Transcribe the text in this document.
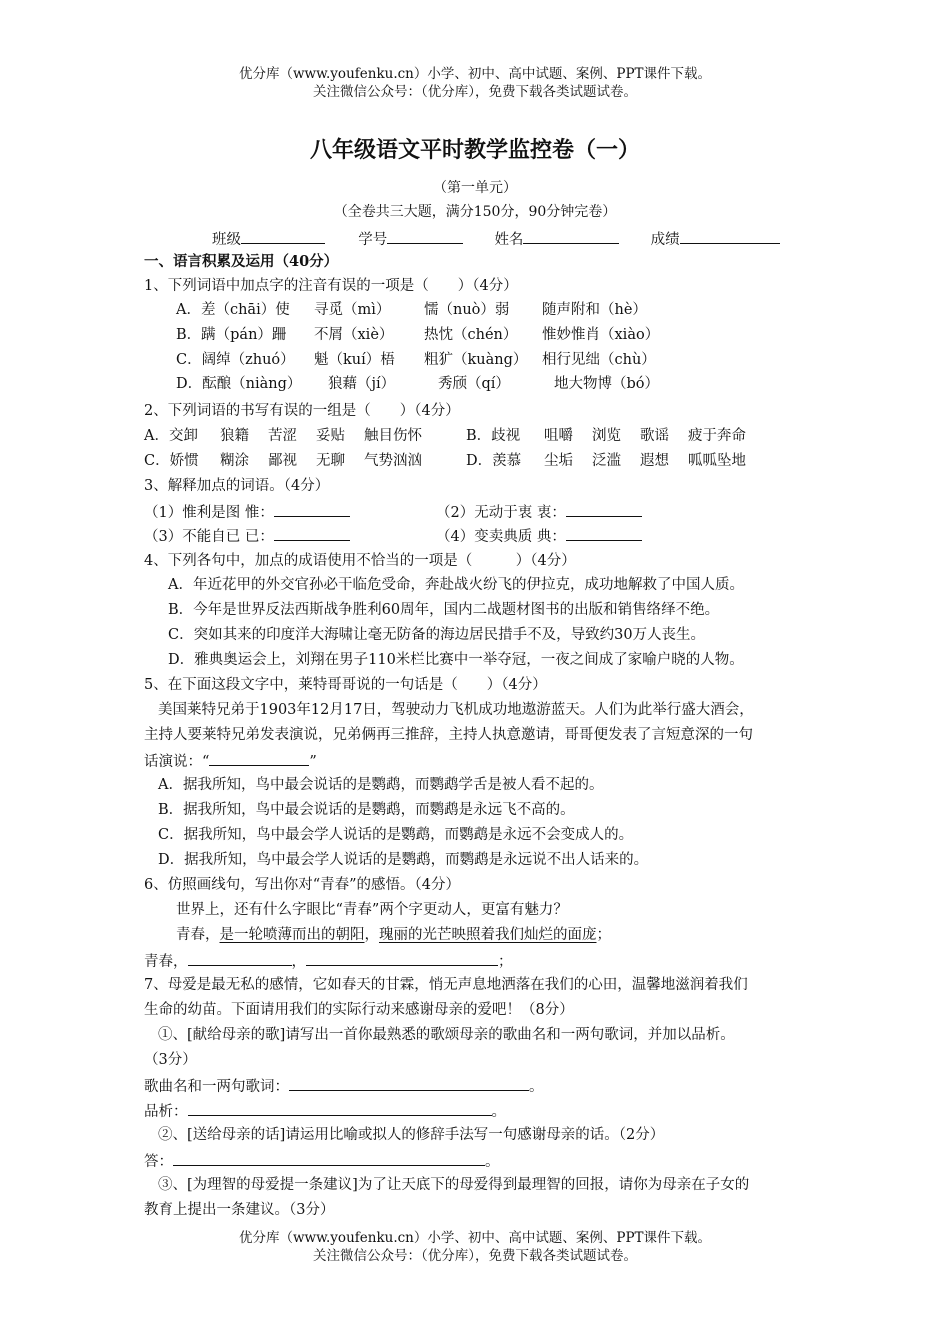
优分库（www.youfenku.cn）小学、初中、高中试题、案例、PPT课件下载。
关注微信公众号：（优分库），免费下载各类试题试卷。
八年级语文平时教学监控卷（一）
（第一单元）
（全卷共三大题，满分150分，90分钟完卷）
班级	学号	姓名	成绩
一、语言积累及运用（40分）
1、下列词语中加点字的注音有误的一项是（　　）（4分）
A．差（chāi）使 寻觅（mì） 懦（nuò）弱 随声附和（hè）
B．蹒（pán）跚 不屑（xiè） 热忱（chén） 惟妙惟肖（xiào）
C．阔绰（zhuó） 魁（kuí）梧 粗犷（kuàng） 相行见绌（chù）
D．酝酿（niàng） 狼藉（jí）	秀颀（qí）	地大物博（bó）
2、下列词语的书写有误的一组是（　　）（4分）
A．交卸 狼籍 苦涩 妥贴 触目伤怀	B．歧视 咀嚼 浏览 歌谣 疲于奔命
C．娇惯 糊涂 鄙视 无聊 气势汹汹	D．羡慕 尘垢 泛滥 遐想 呱呱坠地
3、解释加点的词语。（4分）
（1）惟利是图 惟：	（2）无动于衷 衷：
（3）不能自已 已：	（4）变卖典质 典：
4、下列各句中，加点的成语使用不恰当的一项是（　　　）（4分）
A．年近花甲的外交官孙必干临危受命，奔赴战火纷飞的伊拉克，成功地解救了中国人质。
B．今年是世界反法西斯战争胜利60周年，国内二战题材图书的出版和销售络绎不绝。
C．突如其来的印度洋大海啸让毫无防备的海边居民措手不及，导致约30万人丧生。
D．雅典奥运会上，刘翔在男子110米栏比赛中一举夺冠，一夜之间成了家喻户晓的人物。
5、在下面这段文字中，莱特哥哥说的一句话是（　　）（4分）
美国莱特兄弟于1903年12月17日，驾驶动力飞机成功地遨游蓝天。人们为此举行盛大酒会，
主持人要莱特兄弟发表演说，兄弟俩再三推辞，主持人执意邀请，哥哥便发表了言短意深的一句
话演说：“	”
A．据我所知，鸟中最会说话的是鹦鹉，而鹦鹉学舌是被人看不起的。
B．据我所知，鸟中最会说话的是鹦鹉，而鹦鹉是永远飞不高的。
C．据我所知，鸟中最会学人说话的是鹦鹉，而鹦鹉是永远不会变成人的。
D．据我所知，鸟中最会学人说话的是鹦鹉，而鹦鹉是永远说不出人话来的。
6、仿照画线句，写出你对“青春”的感悟。（4分）
世界上，还有什么字眼比“青春”两个字更动人，更富有魅力？
青春，是一轮喷薄而出的朝阳，瑰丽的光芒映照着我们灿烂的面庞；
青春，	，	；
7、母爱是最无私的感情，它如春天的甘霖，悄无声息地洒落在我们的心田，温馨地滋润着我们
生命的幼苗。下面请用我们的实际行动来感谢母亲的爱吧！（8分）
①、[献给母亲的歌]请写出一首你最熟悉的歌颂母亲的歌曲名和一两句歌词，并加以品析。
（3分）
歌曲名和一两句歌词：	。
品析：	。
②、[送给母亲的话]请运用比喻或拟人的修辞手法写一句感谢母亲的话。（2分）
答：	。
③、[为理智的母爱提一条建议]为了让天底下的母爱得到最理智的回报，请你为母亲在子女的
教育上提出一条建议。（3分）
优分库（www.youfenku.cn）小学、初中、高中试题、案例、PPT课件下载。
关注微信公众号：（优分库），免费下载各类试题试卷。
